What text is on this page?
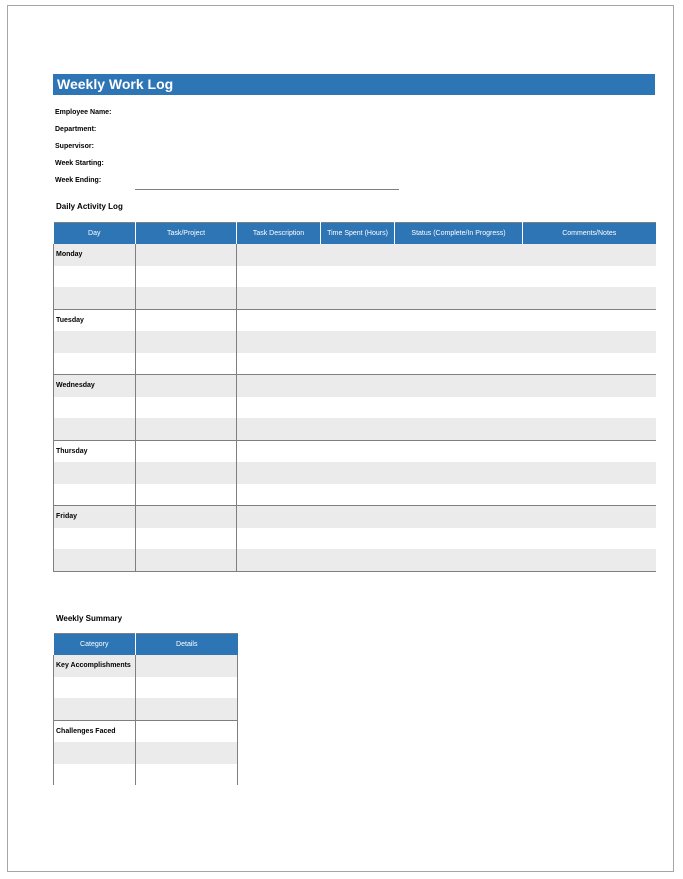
Weekly Work Log
Employee Name:
Department:
Supervisor:
Week Starting:
Week Ending:
Daily Activity Log
Day	Task/Project	Task Description	Time Spent (Hours)	Status (Complete/In Progress)	Comments/Notes
Monday					

Tuesday					

Wednesday					

Thursday					

Friday					

Weekly Summary
Category	Details
Key Accomplishments	

Challenges Faced	
